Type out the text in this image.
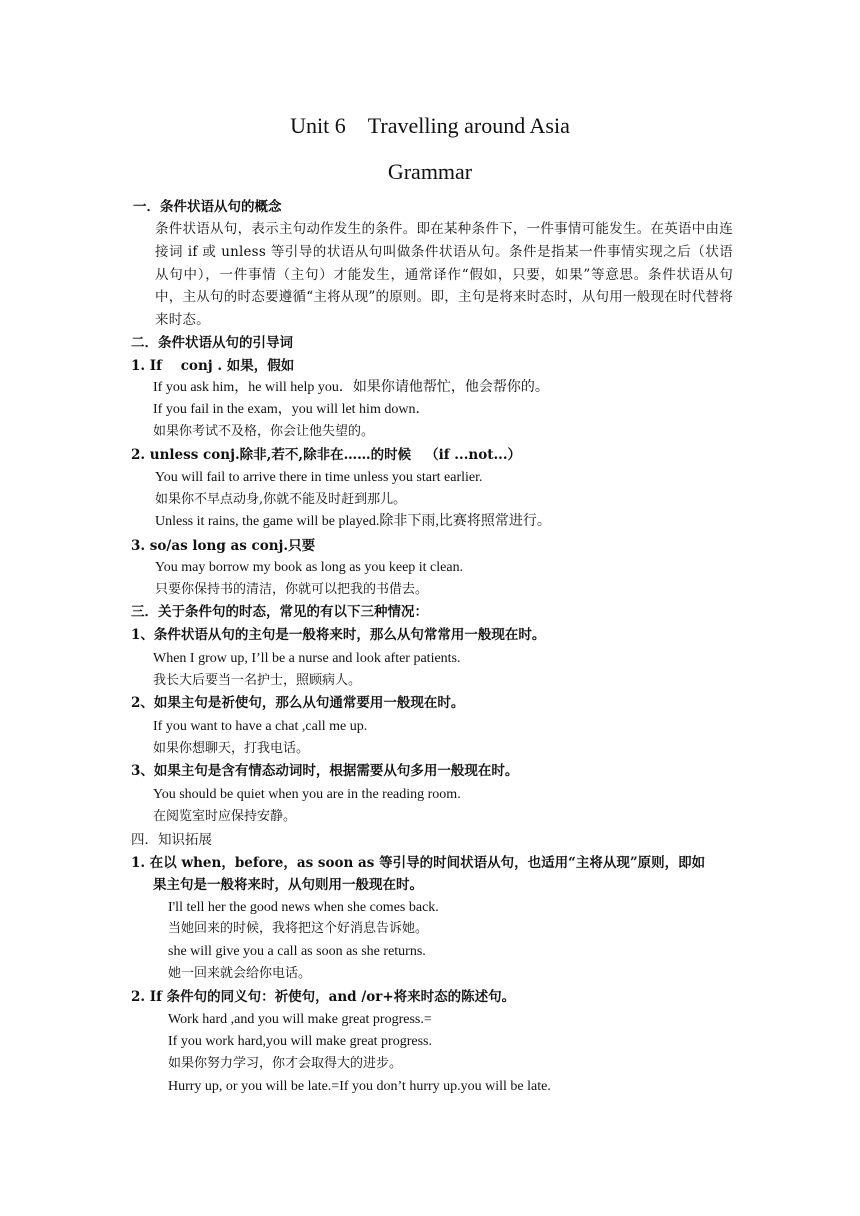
Unit 6    Travelling around Asia
Grammar
条件状语从句，表示主句动作发生的条件。即在某种条件下，一件事情可能发生。在英语中由连接词 if 或 unless 等引导的状语从句叫做条件状语从句。条件是指某一件事情实现之后（状语从句中），一件事情（主句）才能发生，通常译作“假如，只要，如果”等意思。条件状语从句中，主从句的时态要遵循“主将从现”的原则。即，主句是将来时态时，从句用一般现在时代替将来时态。
一．条件状语从句的概念
二．条件状语从句的引导词
1. If    conj . 如果，假如
If you ask him，he will help you．如果你请他帮忙，他会帮你的。
If you fail in the exam，you will let him down．
如果你考试不及格，你会让他失望的。
2. unless conj.除非,若不,除非在……的时候   （if ...not...）
You will fail to arrive there in time unless you start earlier.
如果你不早点动身,你就不能及时赶到那儿。
Unless it rains, the game will be played.除非下雨,比赛将照常进行。
3. so/as long as conj.只要
You may borrow my book as long as you keep it clean.
只要你保持书的清洁，你就可以把我的书借去。
三．关于条件句的时态，常见的有以下三种情况：
1、条件状语从句的主句是一般将来时，那么从句常常用一般现在时。
When I grow up, I’ll be a nurse and look after patients.
我长大后要当一名护士，照顾病人。
2、如果主句是祈使句，那么从句通常要用一般现在时。
If you want to have a chat ,call me up.
如果你想聊天，打我电话。
3、如果主句是含有情态动词时，根据需要从句多用一般现在时。
You should be quiet when you are in the reading room.
在阅览室时应保持安静。
四．知识拓展
1. 在以 when，before，as soon as 等引导的时间状语从句，也适用“主将从现”原则，即如
果主句是一般将来时，从句则用一般现在时。
I'll tell her the good news when she comes back.
当她回来的时候，我将把这个好消息告诉她。
she will give you a call as soon as she returns.
她一回来就会给你电话。
2. If 条件句的同义句：祈使句，and /or+将来时态的陈述句。
Work hard ,and you will make great progress.=
If you work hard,you will make great progress.
如果你努力学习，你才会取得大的进步。
Hurry up, or you will be late.=If you don’t hurry up.you will be late.
